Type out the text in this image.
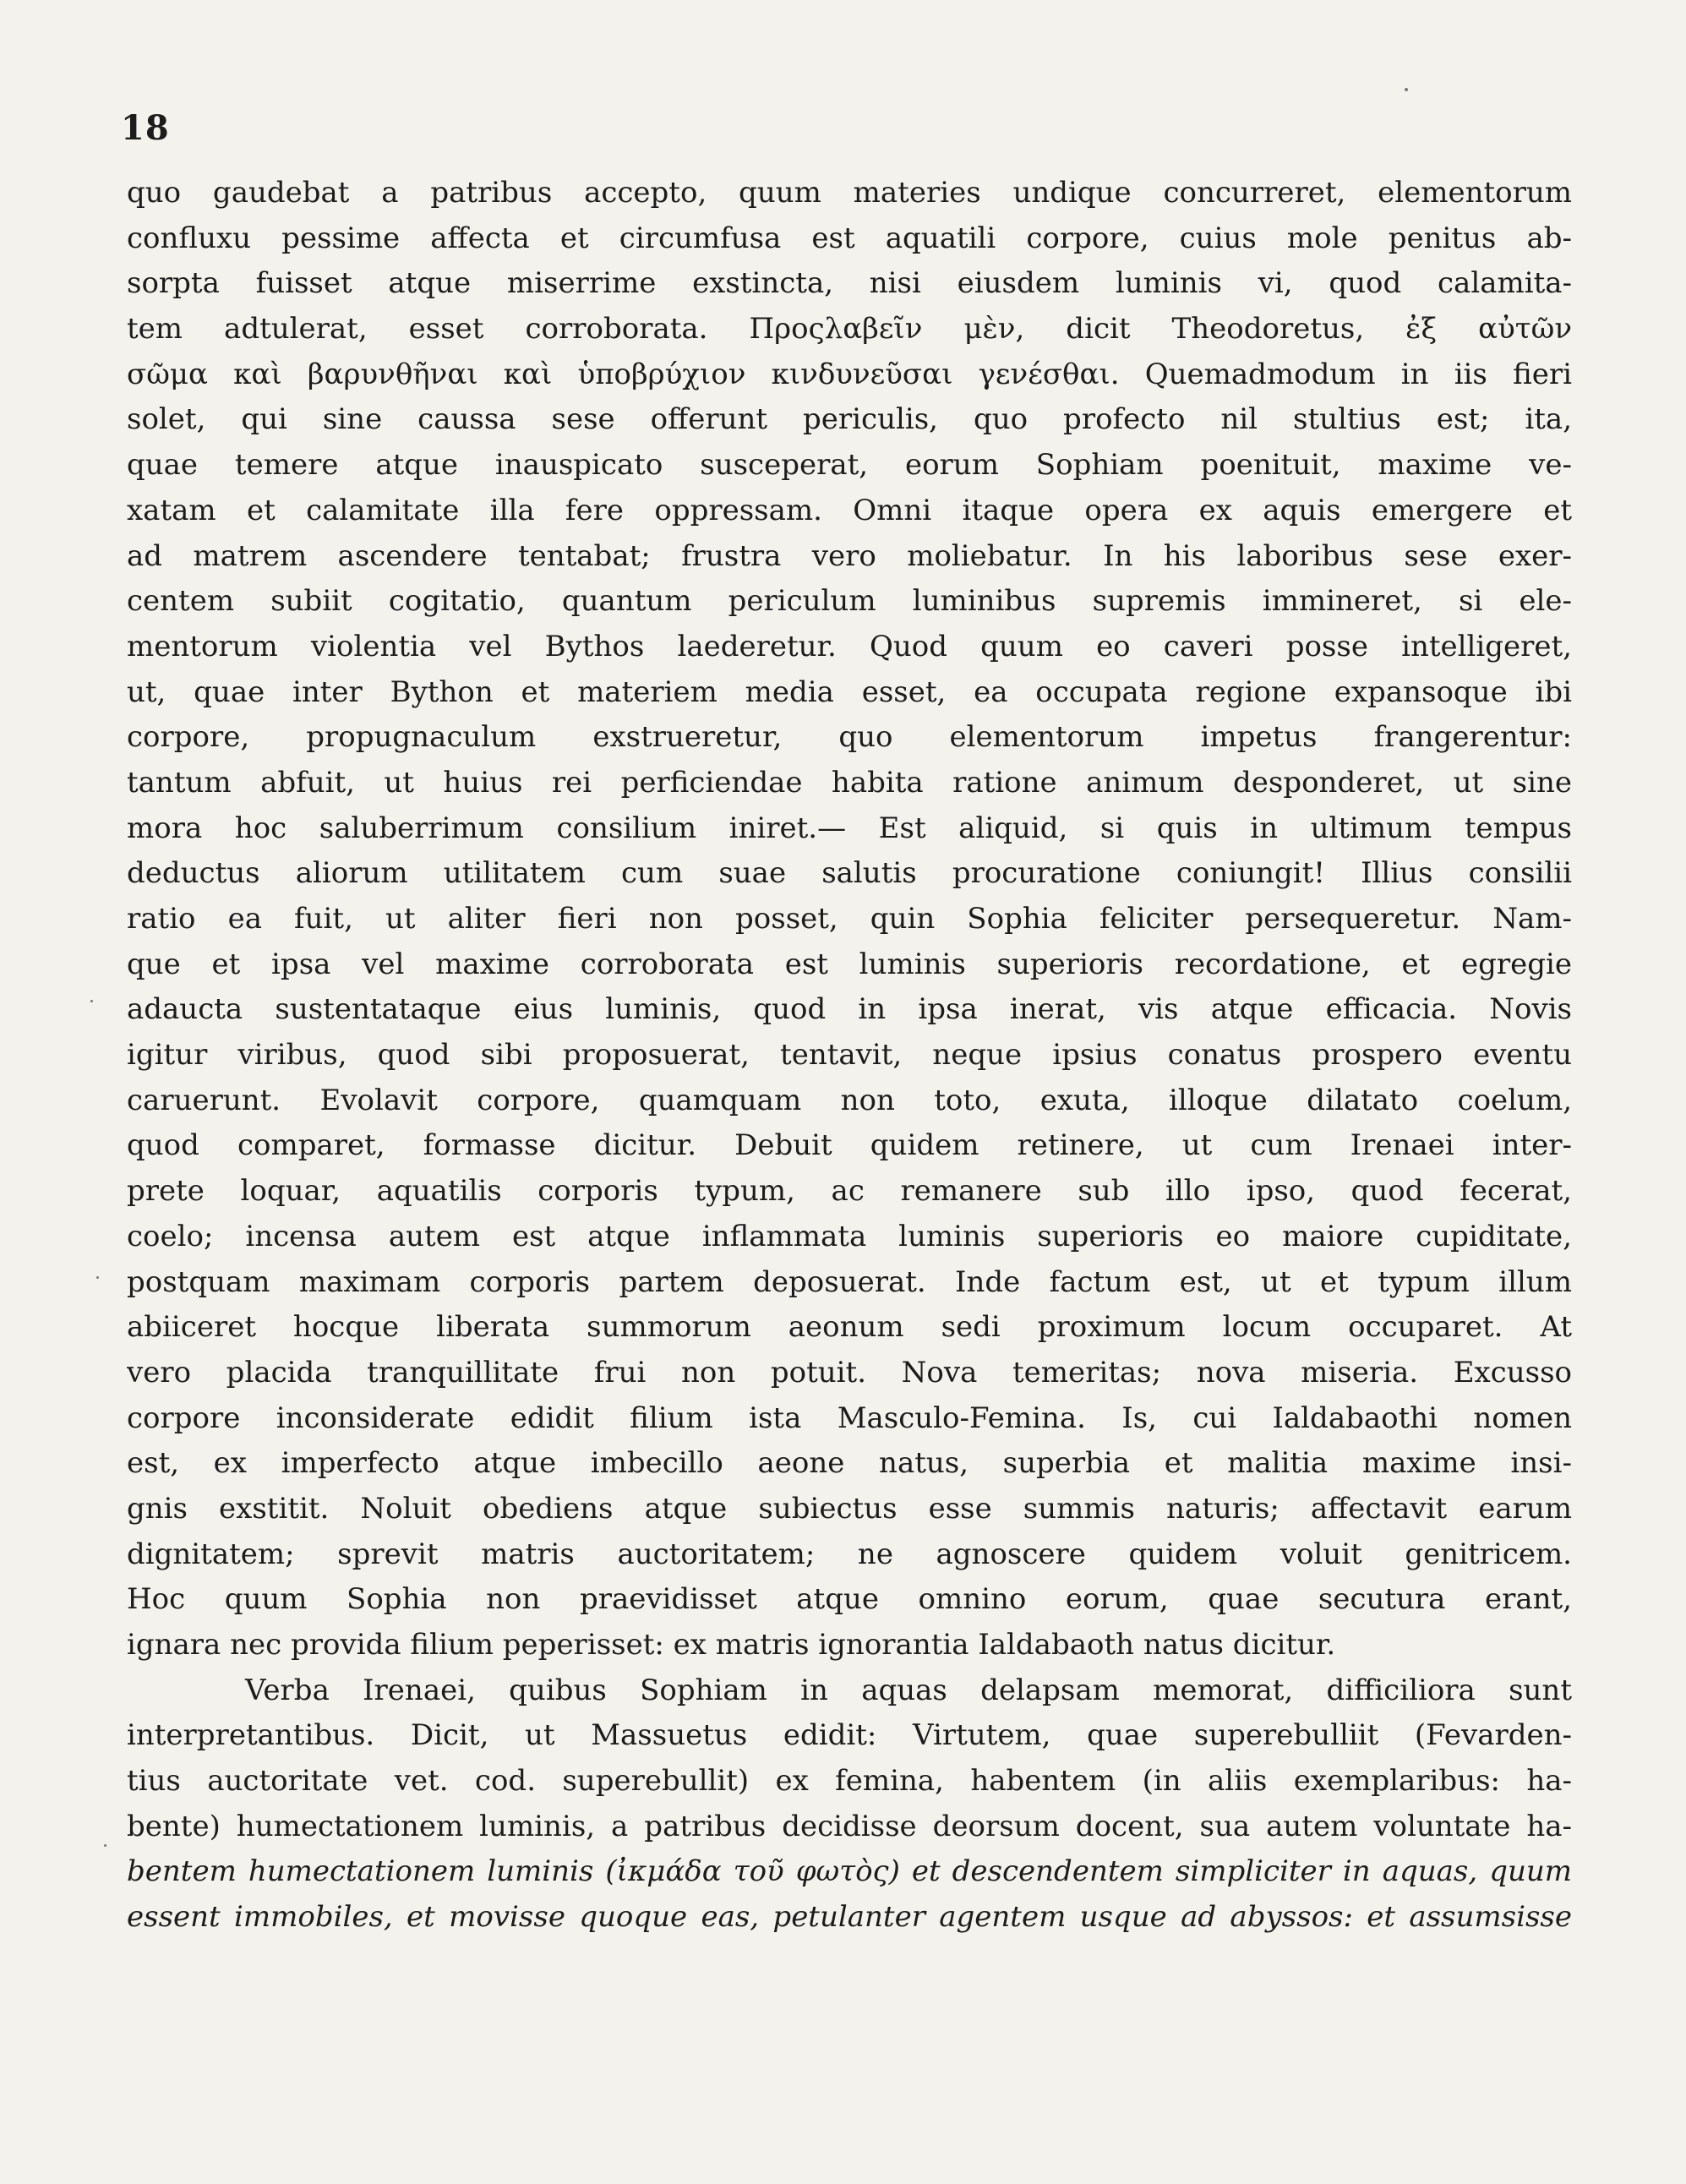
18
quo gaudebat a patribus accepto, quum materies undique concurreret, elementorum
confluxu pessime affecta et circumfusa est aquatili corpore, cuius mole penitus ab-
sorpta fuisset atque miserrime exstincta, nisi eiusdem luminis vi, quod calamita-
tem adtulerat, esset corroborata. Προςλαβεῖν μὲν, dicit Theodoretus, ἐξ αὐτῶν
σῶμα καὶ βαρυνθῆναι καὶ ὑποβρύχιον κινδυνεῦσαι γενέσθαι. Quemadmodum in iis fieri
solet, qui sine caussa sese offerunt periculis, quo profecto nil stultius est; ita,
quae temere atque inauspicato susceperat, eorum Sophiam poenituit, maxime ve-
xatam et calamitate illa fere oppressam. Omni itaque opera ex aquis emergere et
ad matrem ascendere tentabat; frustra vero moliebatur. In his laboribus sese exer-
centem subiit cogitatio, quantum periculum luminibus supremis immineret, si ele-
mentorum violentia vel Bythos laederetur. Quod quum eo caveri posse intelligeret,
ut, quae inter Bython et materiem media esset, ea occupata regione expansoque ibi
corpore, propugnaculum exstrueretur, quo elementorum impetus frangerentur:
tantum abfuit, ut huius rei perficiendae habita ratione animum desponderet, ut sine
mora hoc saluberrimum consilium iniret.— Est aliquid, si quis in ultimum tempus
deductus aliorum utilitatem cum suae salutis procuratione coniungit! Illius consilii
ratio ea fuit, ut aliter fieri non posset, quin Sophia feliciter persequeretur. Nam-
que et ipsa vel maxime corroborata est luminis superioris recordatione, et egregie
adaucta sustentataque eius luminis, quod in ipsa inerat, vis atque efficacia. Novis
igitur viribus, quod sibi proposuerat, tentavit, neque ipsius conatus prospero eventu
caruerunt. Evolavit corpore, quamquam non toto, exuta, illoque dilatato coelum,
quod comparet, formasse dicitur. Debuit quidem retinere, ut cum Irenaei inter-
prete loquar, aquatilis corporis typum, ac remanere sub illo ipso, quod fecerat,
coelo; incensa autem est atque inflammata luminis superioris eo maiore cupiditate,
postquam maximam corporis partem deposuerat. Inde factum est, ut et typum illum
abiiceret hocque liberata summorum aeonum sedi proximum locum occuparet. At
vero placida tranquillitate frui non potuit. Nova temeritas; nova miseria. Excusso
corpore inconsiderate edidit filium ista Masculo-Femina. Is, cui Ialdabaothi nomen
est, ex imperfecto atque imbecillo aeone natus, superbia et malitia maxime insi-
gnis exstitit. Noluit obediens atque subiectus esse summis naturis; affectavit earum
dignitatem; sprevit matris auctoritatem; ne agnoscere quidem voluit genitricem.
Hoc quum Sophia non praevidisset atque omnino eorum, quae secutura erant,
ignara nec provida filium peperisset: ex matris ignorantia Ialdabaoth natus dicitur.
Verba Irenaei, quibus Sophiam in aquas delapsam memorat, difficiliora sunt
interpretantibus. Dicit, ut Massuetus edidit: Virtutem, quae superebulliit (Fevarden-
tius auctoritate vet. cod. superebullit) ex femina, habentem (in aliis exemplaribus: ha-
bente) humectationem luminis, a patribus decidisse deorsum docent, sua autem voluntate ha-
bentem humectationem luminis (ἰκμάδα τοῦ φωτὸς) et descendentem simpliciter in aquas, quum
essent immobiles, et movisse quoque eas, petulanter agentem usque ad abyssos: et assumsisse
